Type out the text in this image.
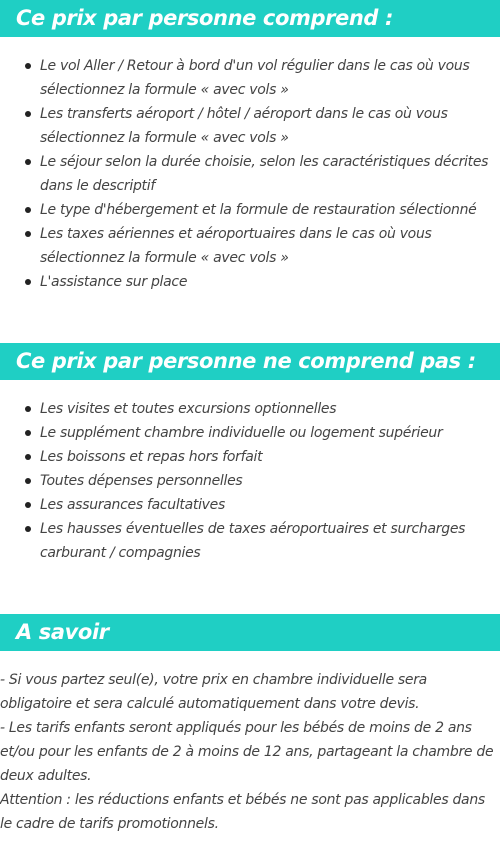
Ce prix par personne comprend :
Le vol Aller / Retour à bord d'un vol régulier dans le cas où vous sélectionnez la formule « avec vols »
Les transferts aéroport / hôtel / aéroport dans le cas où vous sélectionnez la formule « avec vols »
Le séjour selon la durée choisie, selon les caractéristiques décrites dans le descriptif
Le type d'hébergement et la formule de restauration sélectionné
Les taxes aériennes et aéroportuaires dans le cas où vous sélectionnez la formule « avec vols »
L'assistance sur place
Ce prix par personne ne comprend pas :
Les visites et toutes excursions optionnelles
Le supplément chambre individuelle ou logement supérieur
Les boissons et repas hors forfait
Toutes dépenses personnelles
Les assurances facultatives
Les hausses éventuelles de taxes aéroportuaires et surcharges carburant / compagnies
A savoir
- Si vous partez seul(e), votre prix en chambre individuelle sera obligatoire et sera calculé automatiquement dans votre devis.
- Les tarifs enfants seront appliqués pour les bébés de moins de 2 ans et/ou pour les enfants de 2 à moins de 12 ans, partageant la chambre de deux adultes.
Attention : les réductions enfants et bébés ne sont pas applicables dans le cadre de tarifs promotionnels.
